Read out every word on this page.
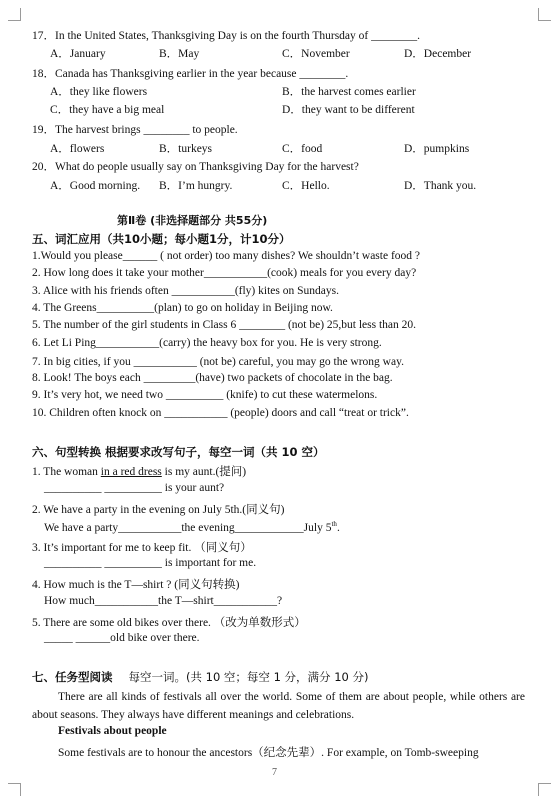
17．In the United States, Thanksgiving Day is on the fourth Thursday of ________.
A．January	B．May	C．November	D．December
18．Canada has Thanksgiving earlier in the year because ________.
A．they like flowers	B．the harvest comes earlier
C．they have a big meal	D．they want to be different
19．The harvest brings ________ to people.
A．flowers	B．turkeys	C．food	D．pumpkins
20．What do people usually say on Thanksgiving Day for the harvest?
A．Good morning. B．I’m hungry.	C．Hello.	D．Thank you.
第Ⅱ卷 (非选择题部分 共55分)
五、词汇应用（共10小题；每小题1分，计10分）
1.Would you please______ ( not order) too many dishes? We shouldn’t waste food ?
2. How long does it take your mother___________(cook) meals for you every day?
3. Alice with his friends often ___________(fly) kites on Sundays.
4. The Greens__________(plan) to go on holiday in Beijing now.
5. The number of the girl students in Class 6 ________ (not be) 25,but less than 20.
6. Let Li Ping___________(carry) the heavy box for you. He is very strong.
7. In big cities, if you ___________ (not be) careful, you may go the wrong way.
8. Look! The boys each _________(have) two packets of chocolate in the bag.
9. It’s very hot, we need two __________ (knife) to cut these watermelons.
10. Children often knock on ___________ (people) doors and call “treat or trick”.
六、句型转换 根据要求改写句子，每空一词（共 10 空）
1. The woman in a red dress is my aunt.(提问)
__________ __________ is your aunt?
2. We have a party in the evening on July 5th.(同义句)
We have a party___________the evening____________July 5th.
3. It’s important for me to keep fit. （同义句）
__________ __________ is important for me.
4. How much is the T—shirt ? (同义句转换)
How much___________the T—shirt___________?
5. There are some old bikes over there. （改为单数形式）
_____ ______old bike over there.
七、任务型阅读 每空一词。(共 10 空；每空 1 分，满分 10 分)
There are all kinds of festivals all over the world. Some of them are about people, while others are about seasons. They always have different meanings and celebrations.
Festivals about people
Some festivals are to honour the ancestors（纪念先辈）. For example, on Tomb-sweeping
7
